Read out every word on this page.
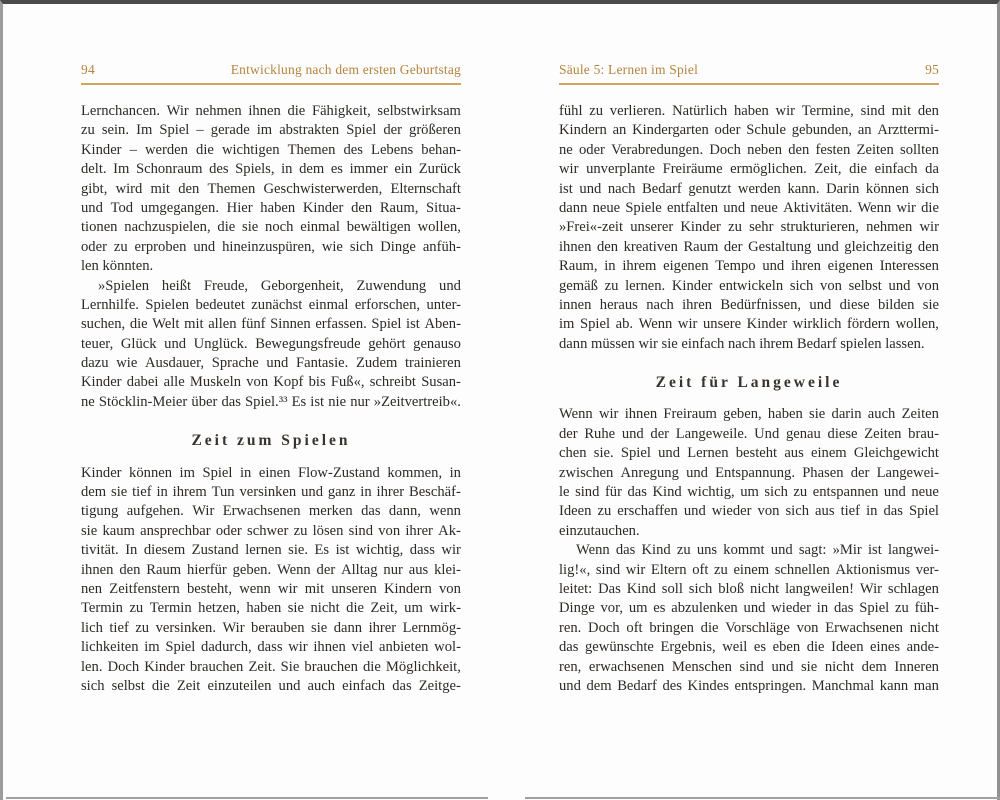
94	Entwicklung nach dem ersten Geburtstag
Lernchancen. Wir nehmen ihnen die Fähigkeit, selbstwirksam
zu sein. Im Spiel – gerade im abstrakten Spiel der größeren
Kinder – werden die wichtigen Themen des Lebens behan-
delt. Im Schonraum des Spiels, in dem es immer ein Zurück
gibt, wird mit den Themen Geschwisterwerden, Elternschaft
und Tod umgegangen. Hier haben Kinder den Raum, Situa-
tionen nachzuspielen, die sie noch einmal bewältigen wollen,
oder zu erproben und hineinzuspüren, wie sich Dinge anfüh-
len könnten.
»Spielen heißt Freude, Geborgenheit, Zuwendung und
Lernhilfe. Spielen bedeutet zunächst einmal erforschen, unter-
suchen, die Welt mit allen fünf Sinnen erfassen. Spiel ist Aben-
teuer, Glück und Unglück. Bewegungsfreude gehört genauso
dazu wie Ausdauer, Sprache und Fantasie. Zudem trainieren
Kinder dabei alle Muskeln von Kopf bis Fuß«, schreibt Susan-
ne Stöcklin-Meier über das Spiel.³³ Es ist nie nur »Zeitvertreib«.
Zeit zum Spielen
Kinder können im Spiel in einen Flow-Zustand kommen, in
dem sie tief in ihrem Tun versinken und ganz in ihrer Beschäf-
tigung aufgehen. Wir Erwachsenen merken das dann, wenn
sie kaum ansprechbar oder schwer zu lösen sind von ihrer Ak-
tivität. In diesem Zustand lernen sie. Es ist wichtig, dass wir
ihnen den Raum hierfür geben. Wenn der Alltag nur aus klei-
nen Zeitfenstern besteht, wenn wir mit unseren Kindern von
Termin zu Termin hetzen, haben sie nicht die Zeit, um wirk-
lich tief zu versinken. Wir berauben sie dann ihrer Lernmög-
lichkeiten im Spiel dadurch, dass wir ihnen viel anbieten wol-
len. Doch Kinder brauchen Zeit. Sie brauchen die Möglichkeit,
sich selbst die Zeit einzuteilen und auch einfach das Zeitge-
Säule 5: Lernen im Spiel	95
fühl zu verlieren. Natürlich haben wir Termine, sind mit den
Kindern an Kindergarten oder Schule gebunden, an Arzttermi-
ne oder Verabredungen. Doch neben den festen Zeiten sollten
wir unverplante Freiräume ermöglichen. Zeit, die einfach da
ist und nach Bedarf genutzt werden kann. Darin können sich
dann neue Spiele entfalten und neue Aktivitäten. Wenn wir die
»Frei«-zeit unserer Kinder zu sehr strukturieren, nehmen wir
ihnen den kreativen Raum der Gestaltung und gleichzeitig den
Raum, in ihrem eigenen Tempo und ihren eigenen Interessen
gemäß zu lernen. Kinder entwickeln sich von selbst und von
innen heraus nach ihren Bedürfnissen, und diese bilden sie
im Spiel ab. Wenn wir unsere Kinder wirklich fördern wollen,
dann müssen wir sie einfach nach ihrem Bedarf spielen lassen.
Zeit für Langeweile
Wenn wir ihnen Freiraum geben, haben sie darin auch Zeiten
der Ruhe und der Langeweile. Und genau diese Zeiten brau-
chen sie. Spiel und Lernen besteht aus einem Gleichgewicht
zwischen Anregung und Entspannung. Phasen der Langewei-
le sind für das Kind wichtig, um sich zu entspannen und neue
Ideen zu erschaffen und wieder von sich aus tief in das Spiel
einzutauchen.
Wenn das Kind zu uns kommt und sagt: »Mir ist langwei-
lig!«, sind wir Eltern oft zu einem schnellen Aktionismus ver-
leitet: Das Kind soll sich bloß nicht langweilen! Wir schlagen
Dinge vor, um es abzulenken und wieder in das Spiel zu füh-
ren. Doch oft bringen die Vorschläge von Erwachsenen nicht
das gewünschte Ergebnis, weil es eben die Ideen eines ande-
ren, erwachsenen Menschen sind und sie nicht dem Inneren
und dem Bedarf des Kindes entspringen. Manchmal kann man
